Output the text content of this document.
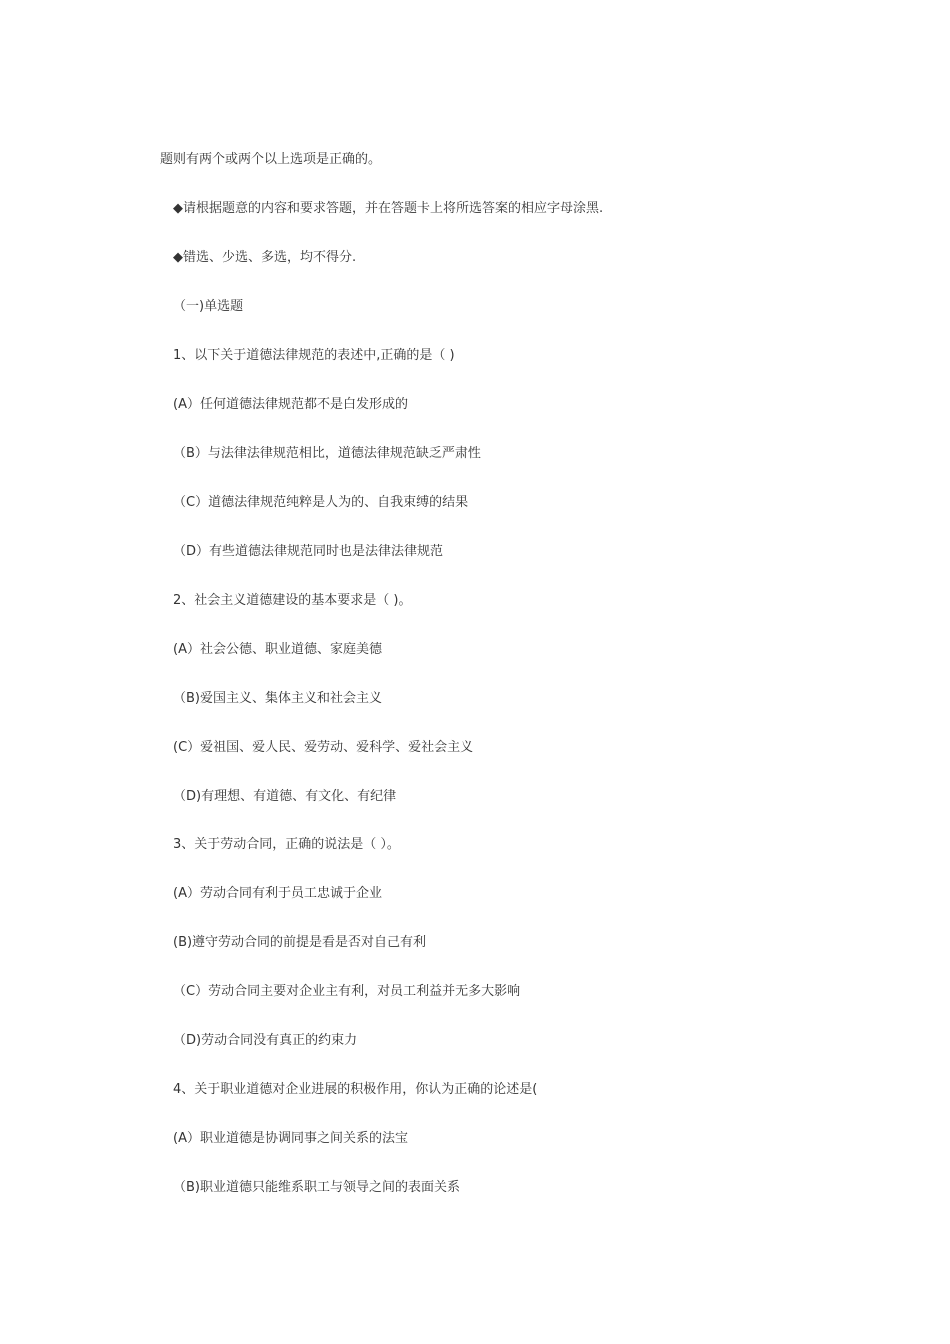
题则有两个或两个以上选项是正确的。
◆请根据题意的内容和要求答题，并在答题卡上将所选答案的相应字母涂黑.
◆错选、少选、多选，均不得分.
（一)单选题
1、以下关于道德法律规范的表述中,正确的是（ )
(A）任何道德法律规范都不是白发形成的
（B）与法律法律规范相比，道德法律规范缺乏严肃性
（C）道德法律规范纯粹是人为的、自我束缚的结果
（D）有些道德法律规范同时也是法律法律规范
2、社会主义道德建设的基本要求是（ )。
(A）社会公德、职业道德、家庭美德
（B)爱国主义、集体主义和社会主义
(C）爱祖国、爱人民、爱劳动、爱科学、爱社会主义
（D)有理想、有道德、有文化、有纪律
3、关于劳动合同，正确的说法是（ ）。
(A）劳动合同有利于员工忠诚于企业
(B)遵守劳动合同的前提是看是否对自己有利
（C）劳动合同主要对企业主有利，对员工利益并无多大影响
（D)劳动合同没有真正的约束力
4、关于职业道德对企业进展的积极作用，你认为正确的论述是(
(A）职业道德是协调同事之间关系的法宝
（B)职业道德只能维系职工与领导之间的表面关系
